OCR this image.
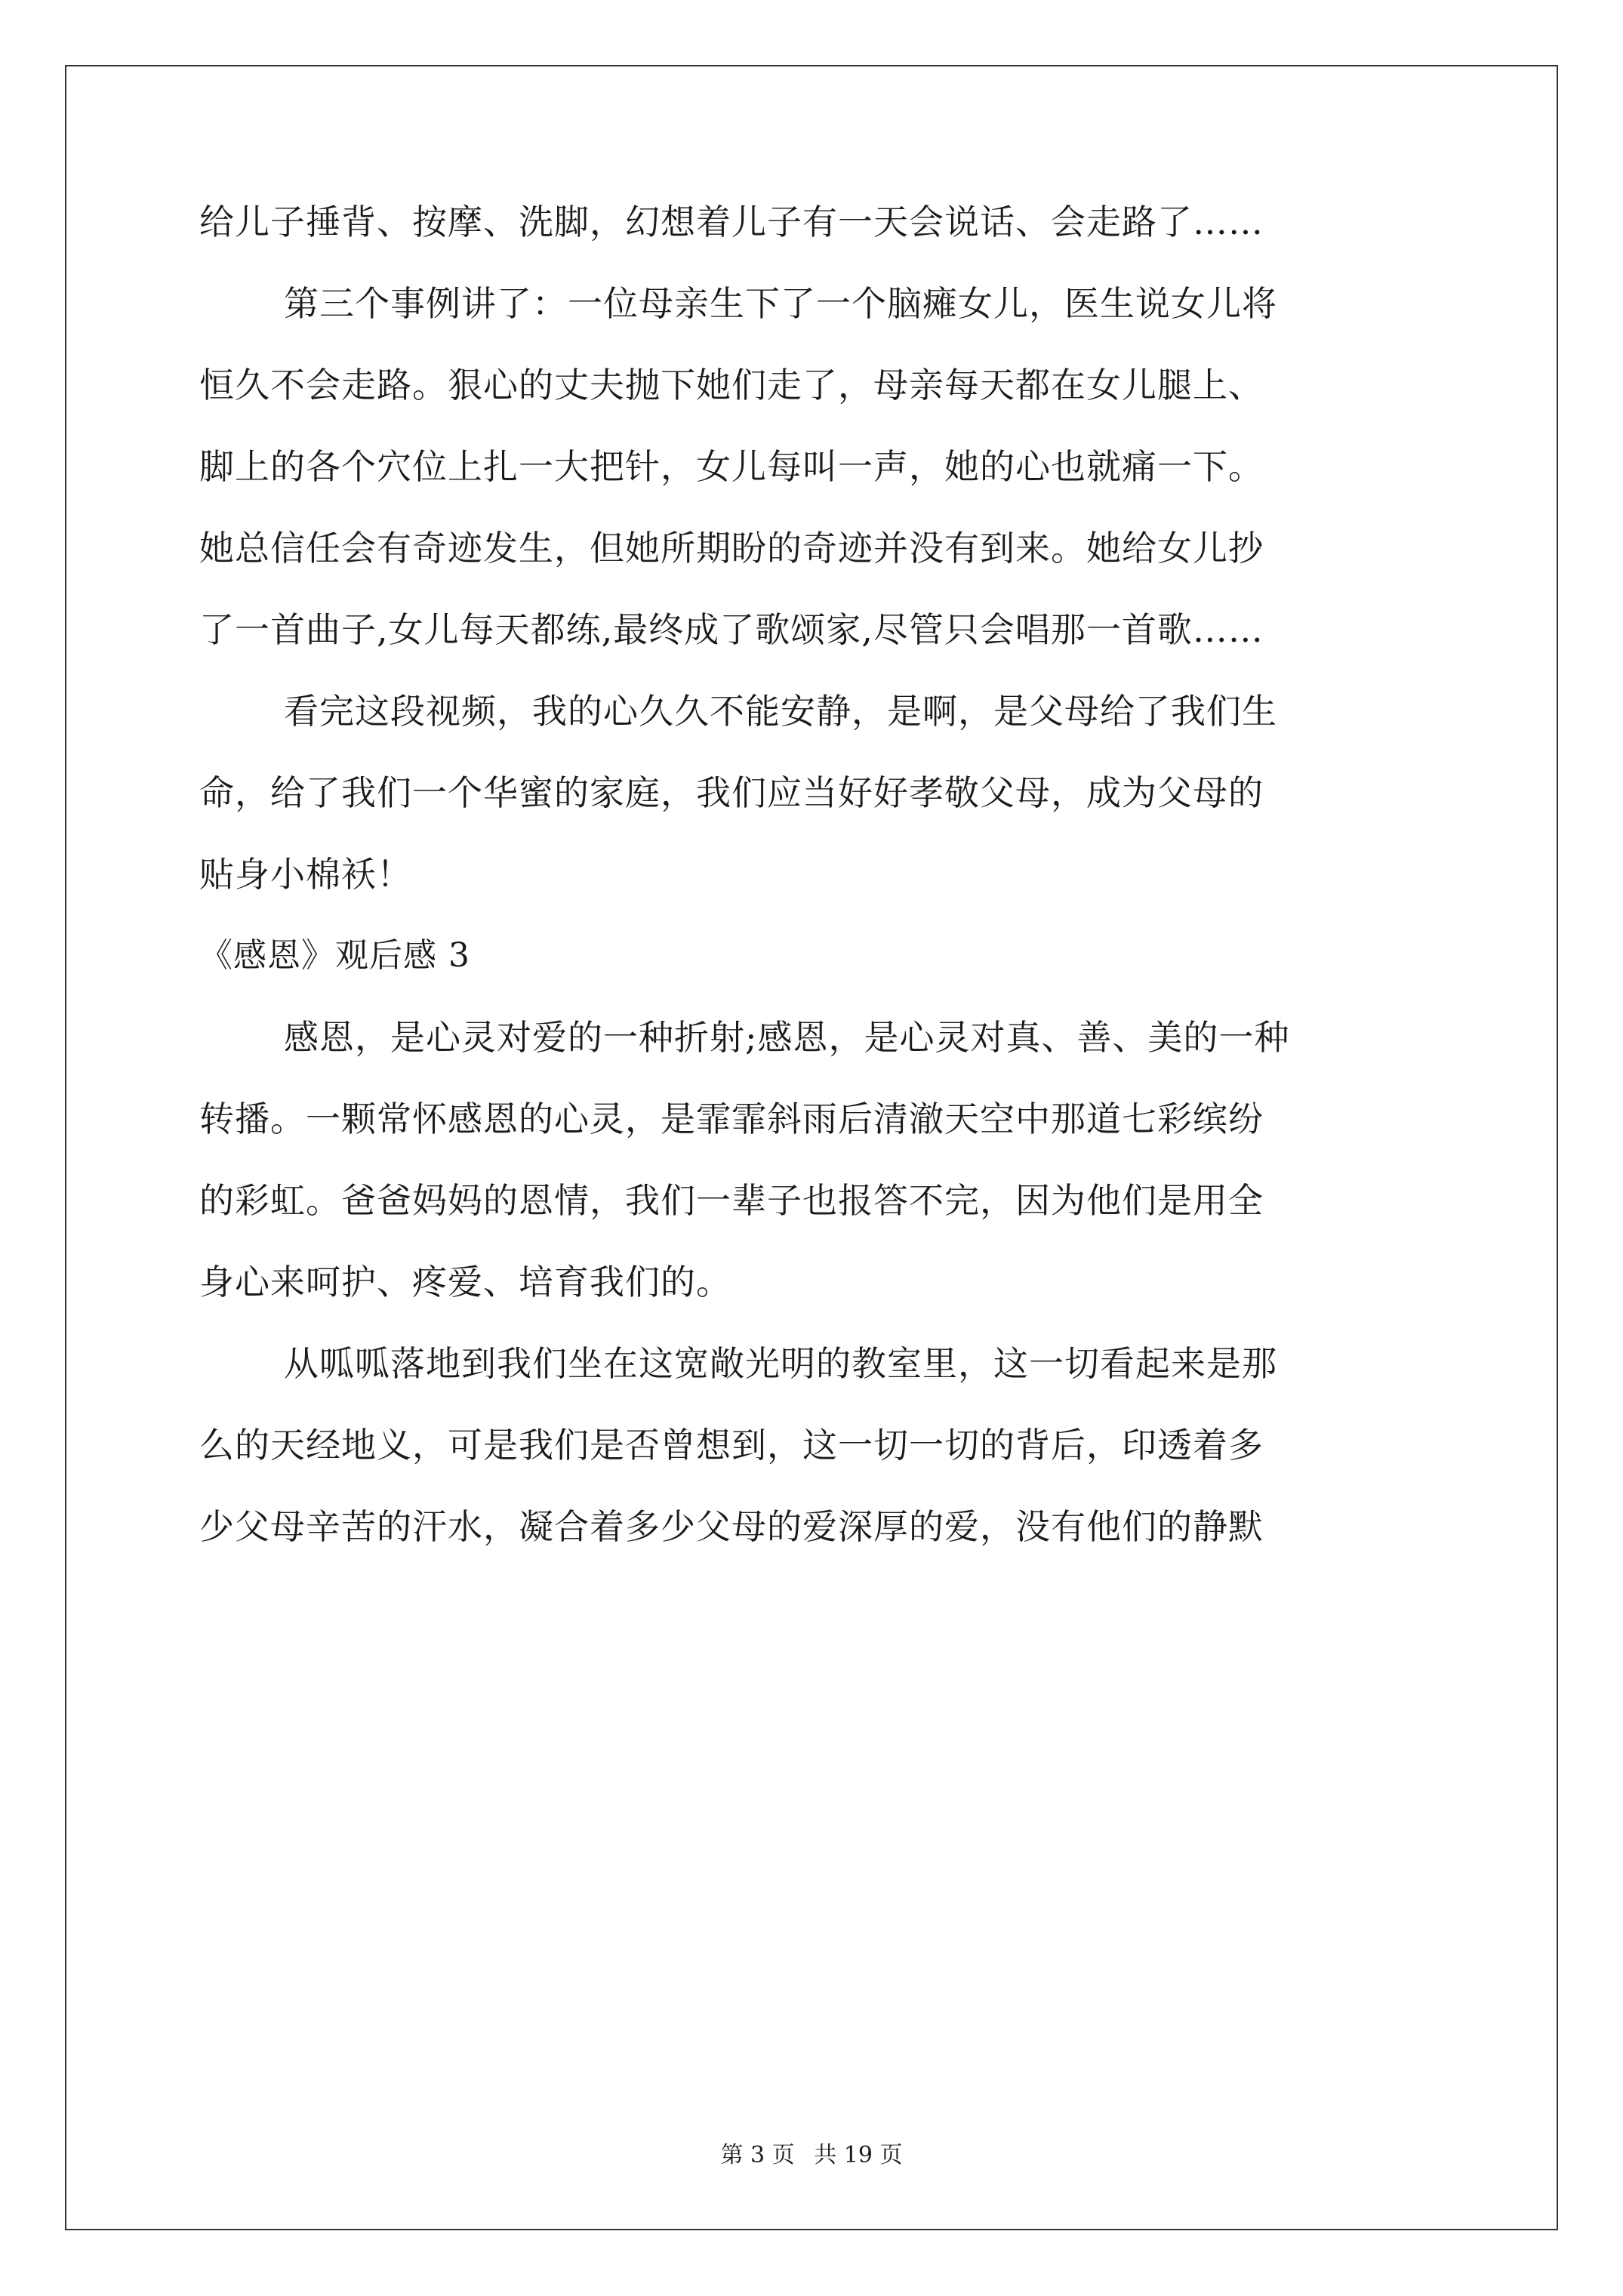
给儿子捶背、按摩、洗脚，幻想着儿子有一天会说话、会走路了……
第三个事例讲了：一位母亲生下了一个脑瘫女儿，医生说女儿将
恒久不会走路。狠心的丈夫抛下她们走了，母亲每天都在女儿腿上、
脚上的各个穴位上扎一大把针，女儿每叫一声，她的心也就痛一下。
她总信任会有奇迹发生，但她所期盼的奇迹并没有到来。她给女儿抄
了一首曲子,女儿每天都练,最终成了歌颂家,尽管只会唱那一首歌……
看完这段视频，我的心久久不能安静，是啊，是父母给了我们生
命，给了我们一个华蜜的家庭，我们应当好好孝敬父母，成为父母的
贴身小棉袄！
《感恩》观后感 3
感恩，是心灵对爱的一种折射;感恩，是心灵对真、善、美的一种
转播。一颗常怀感恩的心灵，是霏霏斜雨后清澈天空中那道七彩缤纷
的彩虹。爸爸妈妈的恩情，我们一辈子也报答不完，因为他们是用全
身心来呵护、疼爱、培育我们的。
从呱呱落地到我们坐在这宽敞光明的教室里，这一切看起来是那
么的天经地义，可是我们是否曾想到，这一切一切的背后，印透着多
少父母辛苦的汗水，凝合着多少父母的爱深厚的爱，没有他们的静默
第 3 页 共 19 页
